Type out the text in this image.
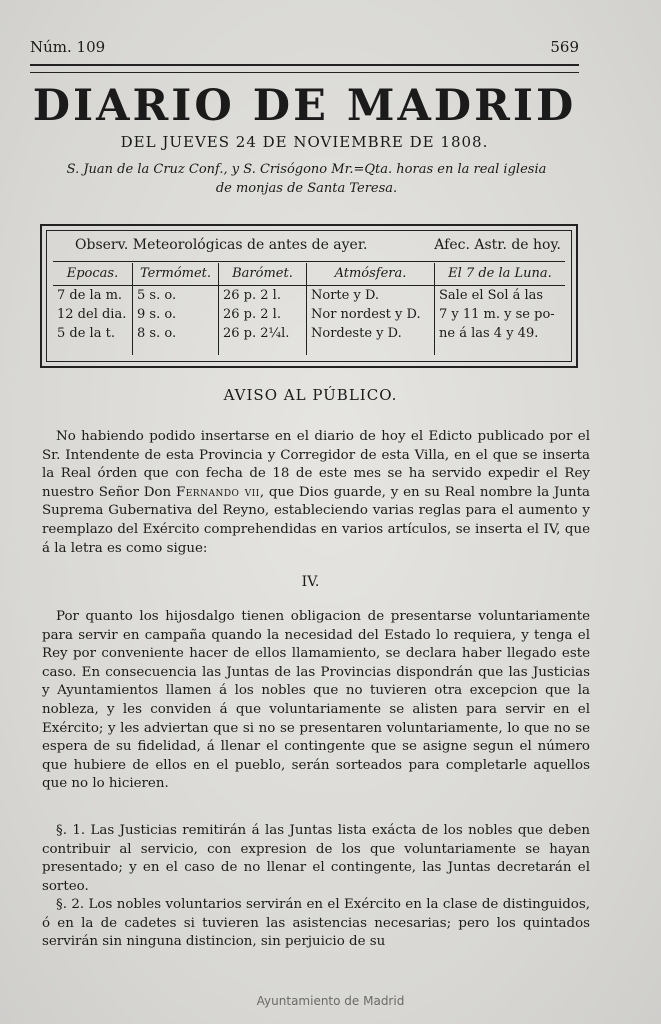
Núm. 109	569
DIARIO DE MADRID
DEL JUEVES 24 DE NOVIEMBRE DE 1808.
S. Juan de la Cruz Conf., y S. Crisógono Mr.=Qta. horas en la real iglesia
de monjas de Santa Teresa.
Observ. Meteorológicas de antes de ayer.	Afec. Astr. de hoy.
Epocas.
7 de la m.
12 del dia.
5 de la t.
Termómet.
5 s. o.
9 s. o.
8 s. o.
Barómet.
26 p. 2 l.
26 p. 2 l.
26 p. 2¼l.
Atmósfera.
Norte y D.
Nor nordest y D.
Nordeste y D.
El 7 de la Luna.
Sale el Sol á las
7 y 11 m. y se po-
ne á las 4 y 49.
AVISO AL PÚBLICO.
No habiendo podido insertarse en el diario de hoy el Edicto publicado por el Sr. Intendente de esta Provincia y Corregidor de esta Villa, en el que se inserta la Real órden que con fecha de 18 de este mes se ha servido expedir el Rey nuestro Señor Don Fernando vii, que Dios guarde, y en su Real nombre la Junta Suprema Gubernativa del Reyno, estableciendo varias reglas para el aumento y reemplazo del Exército comprehendidas en varios artículos, se inserta el IV, que á la letra es como sigue:
IV.
Por quanto los hijosdalgo tienen obligacion de presentarse voluntariamente para servir en campaña quando la necesidad del Estado lo requiera, y tenga el Rey por conveniente hacer de ellos llamamiento, se declara haber llegado este caso. En consecuencia las Juntas de las Provincias dispondrán que las Justicias y Ayuntamientos llamen á los nobles que no tuvieren otra excepcion que la nobleza, y les conviden á que voluntariamente se alisten para servir en el Exército; y les adviertan que si no se presentaren voluntariamente, lo que no se espera de su fidelidad, á llenar el contingente que se asigne segun el número que hubiere de ellos en el pueblo, serán sorteados para completarle aquellos que no lo hicieren.
§. 1. Las Justicias remitirán á las Juntas lista exácta de los nobles que deben contribuir al servicio, con expresion de los que voluntariamente se hayan presentado; y en el caso de no llenar el contingente, las Juntas decretarán el sorteo.
§. 2. Los nobles voluntarios servirán en el Exército en la clase de distinguidos, ó en la de cadetes si tuvieren las asistencias necesarias; pero los quintados servirán sin ninguna distincion, sin perjuicio de su
Ayuntamiento de Madrid
